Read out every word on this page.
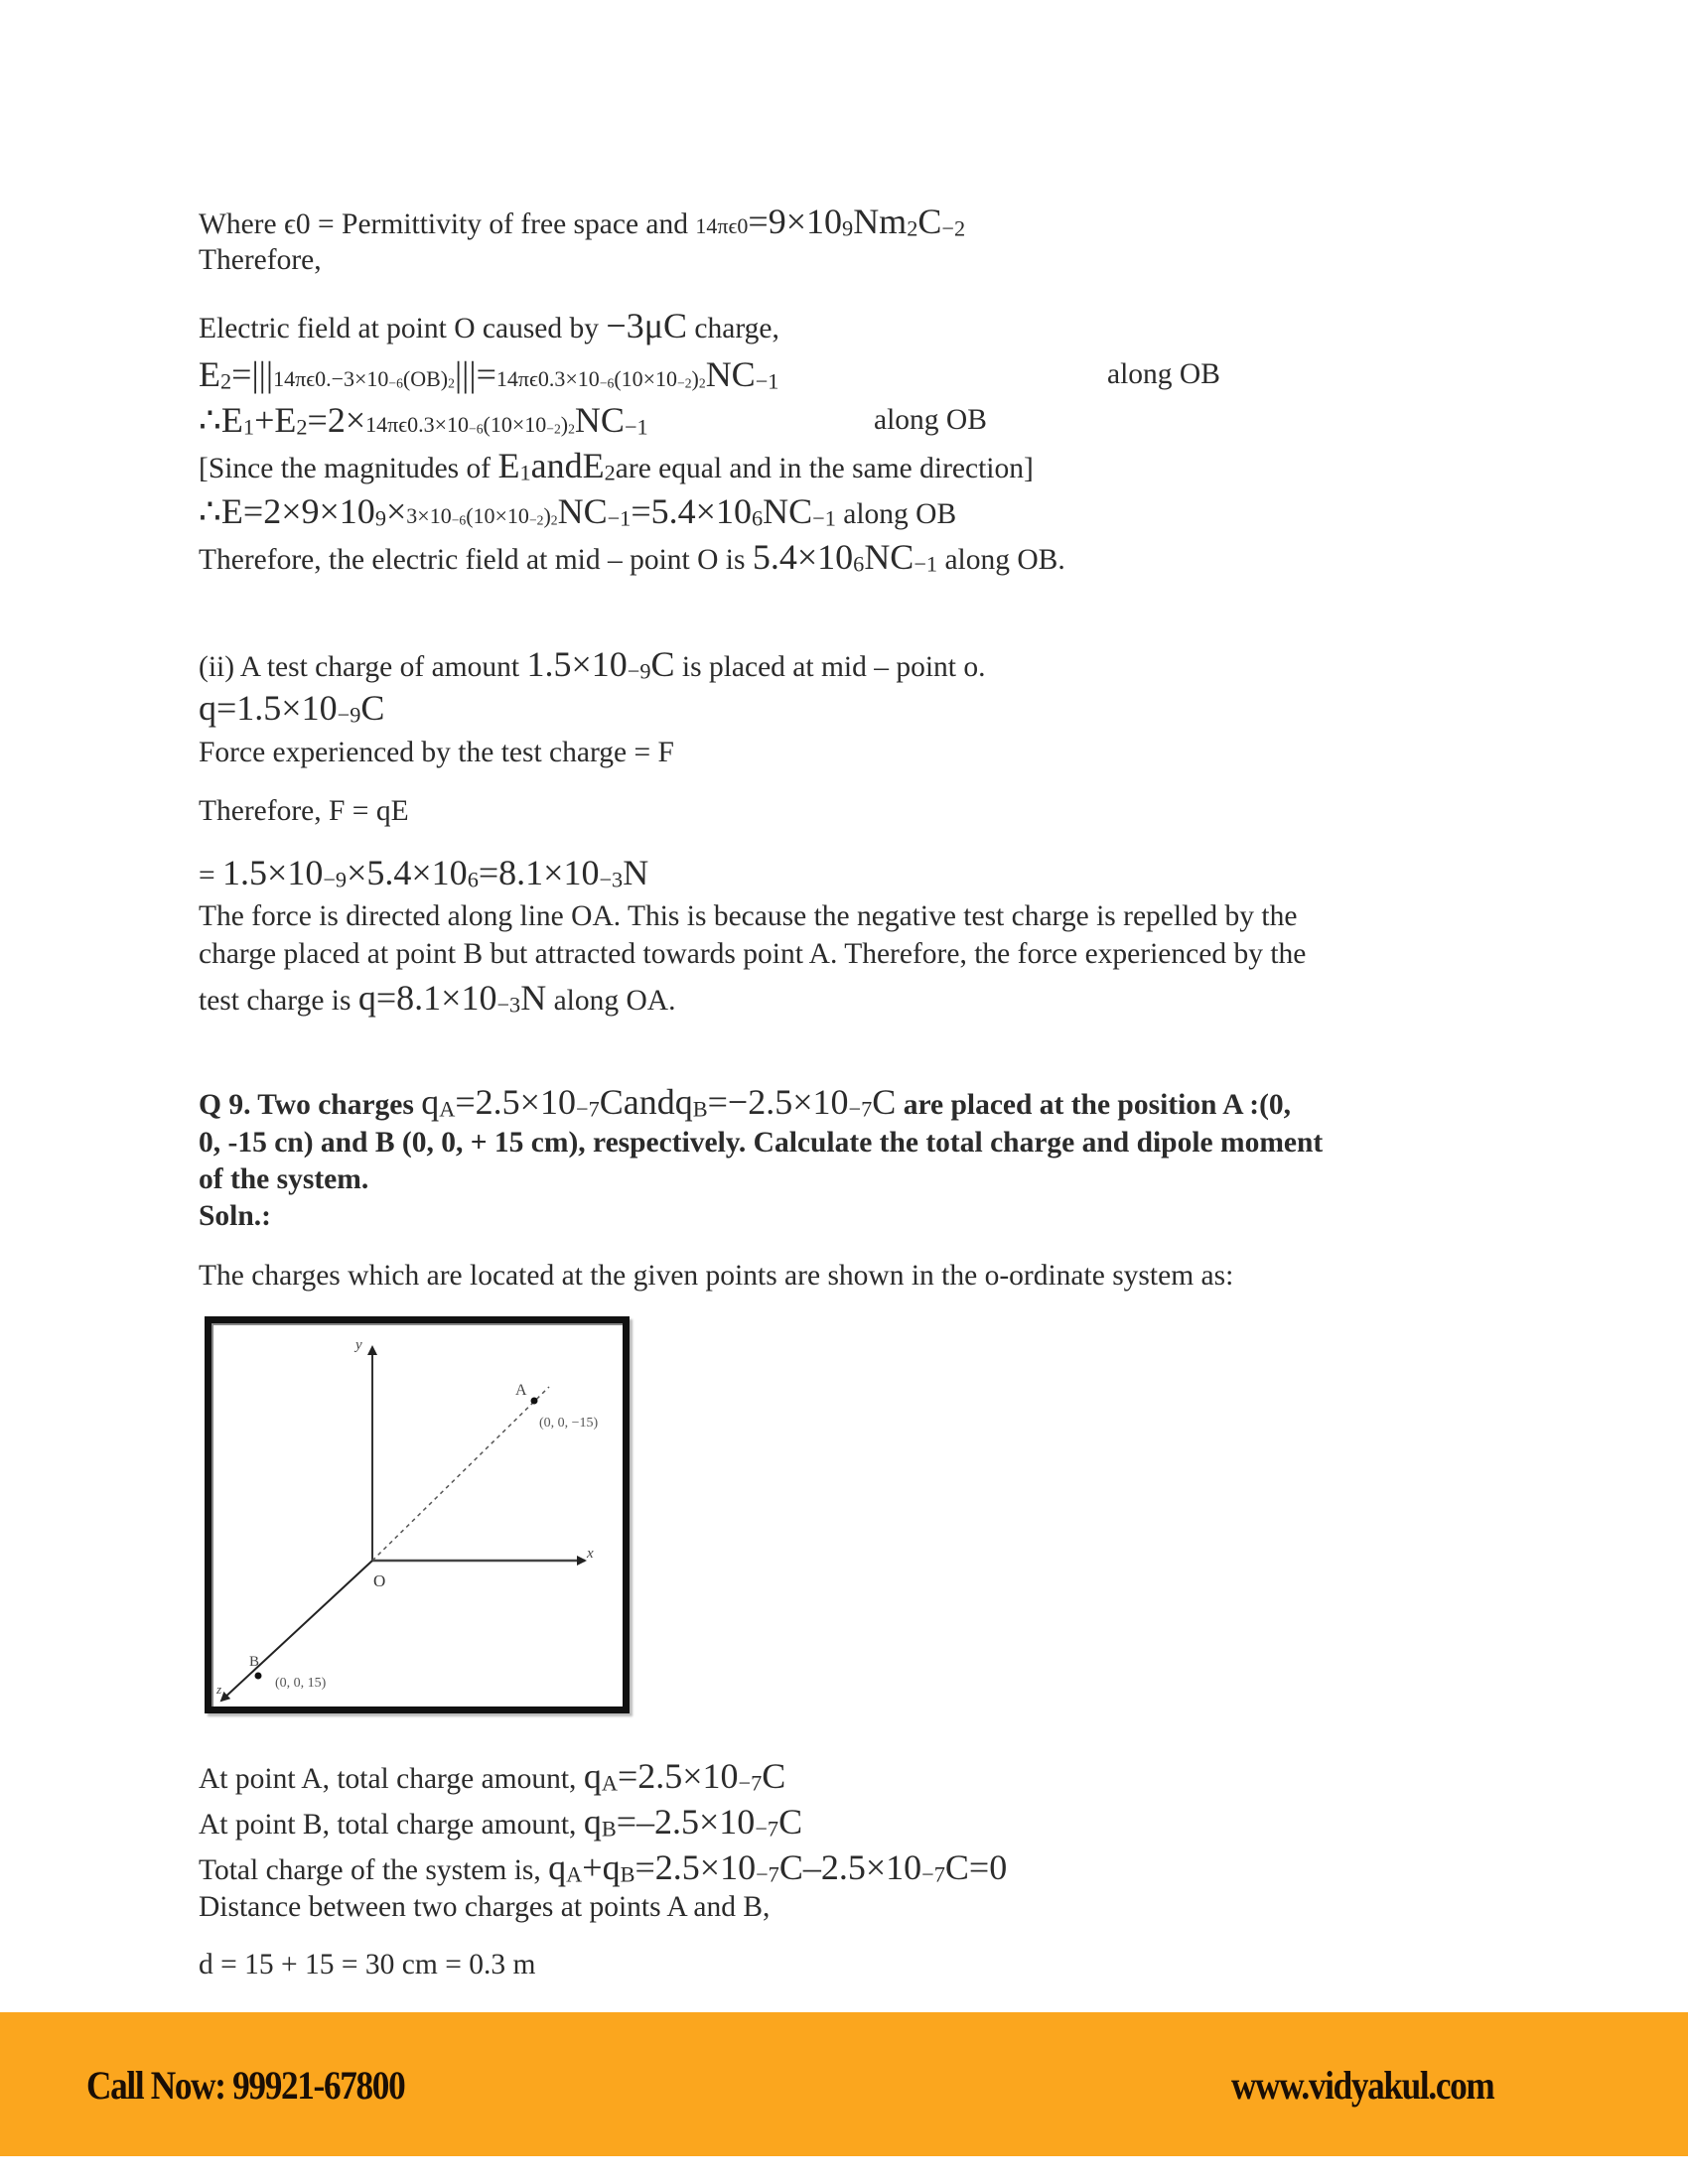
Where ϵ0 = Permittivity of free space and 14πϵ0=9×109Nm2C−2
Therefore,
Electric field at point O caused by −3μC charge,
E2=|||14πϵ0.−3×10−6(OB)2|||=14πϵ0.3×10−6(10×10−2)2NC−1	along OB
∴E1+E2=2×14πϵ0.3×10−6(10×10−2)2NC−1	along OB
[Since the magnitudes of E1andE2are equal and in the same direction]
∴E=2×9×109×3×10−6(10×10−2)2NC−1=5.4×106NC−1 along OB
Therefore, the electric field at mid – point O is 5.4×106NC−1 along OB.
(ii) A test charge of amount 1.5×10−9C is placed at mid – point o.
q=1.5×10−9C
Force experienced by the test charge = F
Therefore, F = qE
= 1.5×10−9×5.4×106=8.1×10−3N
The force is directed along line OA. This is because the negative test charge is repelled by the
charge placed at point B but attracted towards point A. Therefore, the force experienced by the
test charge is q=8.1×10−3N along OA.
Q 9. Two charges qA=2.5×10−7CandqB=−2.5×10−7C are placed at the position A :(0,
0, -15 cn) and B (0, 0, + 15 cm), respectively. Calculate the total charge and dipole moment
of the system.
Soln.:
The charges which are located at the given points are shown in the o-ordinate system as:
y
x
z
O
A
(0, 0, −15)
B
(0, 0, 15)
At point A, total charge amount, qA=2.5×10−7C
At point B, total charge amount, qB=–2.5×10−7C
Total charge of the system is, qA+qB=2.5×10−7C–2.5×10−7C=0
Distance between two charges at points A and B,
d = 15 + 15 = 30 cm = 0.3 m
Call Now: 99921-67800	www.vidyakul.com
